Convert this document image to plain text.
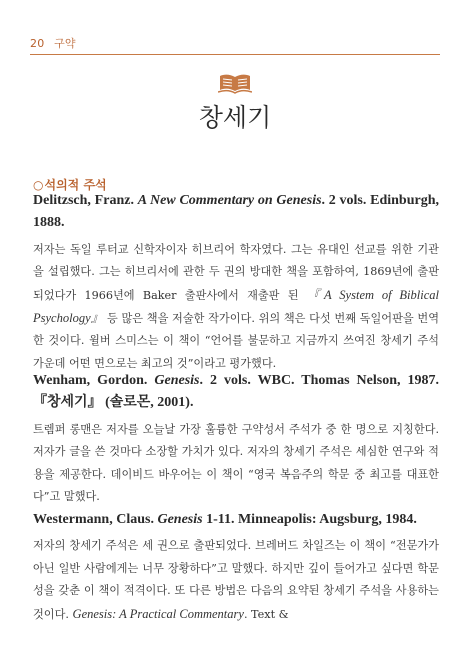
20 구약
창세기
○석의적 주석

Delitzsch, Franz. A New Commentary on Genesis. 2 vols. Edinburgh, 1888.

저자는 독일 루터교 신학자이자 히브리어 학자였다. 그는 유대인 선교를 위한 기관을 설립했다. 그는 히브리서에 관한 두 권의 방대한 책을 포함하여, 1869년에 출판되었다가 1966년에 Baker 출판사에서 재출판 된 『A System of Biblical Psychology』 등 많은 책을 저술한 작가이다. 위의 책은 다섯 번째 독일어판을 번역한 것이다. 윌버 스미스는 이 책이 “언어를 불문하고 지금까지 쓰여진 창세기 주석 가운데 어떤 면으로는 최고의 것”이라고 평가했다.

Wenham, Gordon. Genesis. 2 vols. WBC. Thomas Nelson, 1987. 『창세기』 (솔로몬, 2001).

트렘퍼 롱맨은 저자를 오늘날 가장 훌륭한 구약성서 주석가 중 한 명으로 지칭한다. 저자가 글을 쓴 것마다 소장할 가치가 있다. 저자의 창세기 주석은 세심한 연구와 적용을 제공한다. 데이비드 바우어는 이 책이 “영국 복음주의 학문 중 최고를 대표한다”고 말했다.

Westermann, Claus. Genesis 1-11. Minneapolis: Augsburg, 1984.

저자의 창세기 주석은 세 권으로 출판되었다. 브레버드 차일즈는 이 책이 “전문가가 아닌 일반 사람에게는 너무 장황하다”고 말했다. 하지만 깊이 들어가고 싶다면 학문성을 갖춘 이 책이 적격이다. 또 다른 방법은 다음의 요약된 창세기 주석을 사용하는 것이다. Genesis: A Practical Commentary. Text &
